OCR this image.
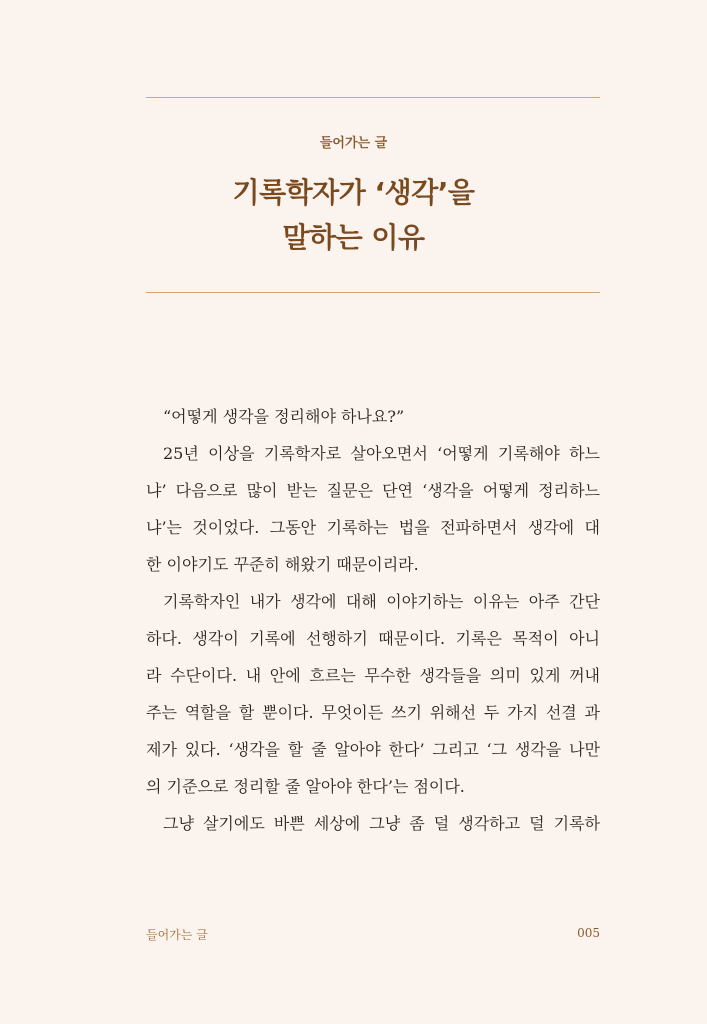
들어가는 글
기록학자가 ‘생각’을
말하는 이유
“어떻게 생각을 정리해야 하나요?”
25년 이상을 기록학자로 살아오면서 ‘어떻게 기록해야 하느
냐’ 다음으로 많이 받는 질문은 단연 ‘생각을 어떻게 정리하느
냐’는 것이었다. 그동안 기록하는 법을 전파하면서 생각에 대
한 이야기도 꾸준히 해왔기 때문이리라.
기록학자인 내가 생각에 대해 이야기하는 이유는 아주 간단
하다. 생각이 기록에 선행하기 때문이다. 기록은 목적이 아니
라 수단이다. 내 안에 흐르는 무수한 생각들을 의미 있게 꺼내
주는 역할을 할 뿐이다. 무엇이든 쓰기 위해선 두 가지 선결 과
제가 있다. ‘생각을 할 줄 알아야 한다’ 그리고 ‘그 생각을 나만
의 기준으로 정리할 줄 알아야 한다’는 점이다.
그냥 살기에도 바쁜 세상에 그냥 좀 덜 생각하고 덜 기록하
들어가는 글	005
